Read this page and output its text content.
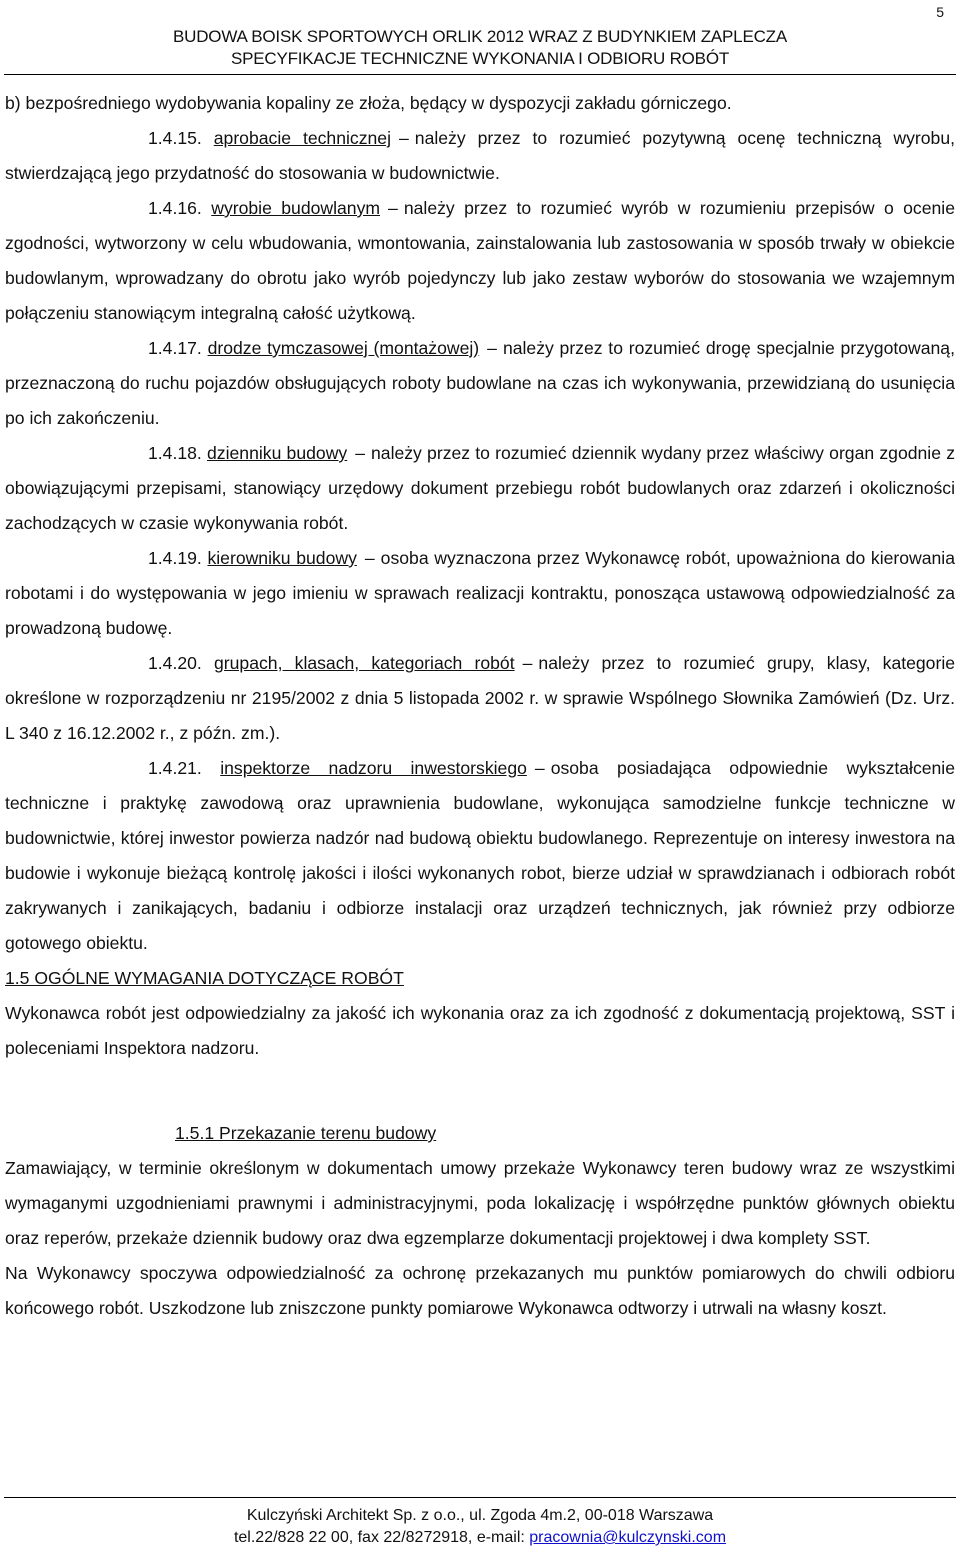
5
BUDOWA BOISK SPORTOWYCH ORLIK 2012 WRAZ Z BUDYNKIEM ZAPLECZA
SPECYFIKACJE TECHNICZNE WYKONANIA I ODBIORU ROBÓT

b) bezpośredniego wydobywania kopaliny ze złoża, będący w dyspozycji zakładu górniczego.

1.4.15. aprobacie technicznej – należy przez to rozumieć pozytywną ocenę techniczną wyrobu, stwierdzającą jego przydatność do stosowania w budownictwie.

1.4.16. wyrobie budowlanym – należy przez to rozumieć wyrób w rozumieniu przepisów o ocenie zgodności, wytworzony w celu wbudowania, wmontowania, zainstalowania lub zastosowania w sposób trwały w obiekcie budowlanym, wprowadzany do obrotu jako wyrób pojedynczy lub jako zestaw wyborów do stosowania we wzajemnym połączeniu stanowiącym integralną całość użytkową.

1.4.17. drodze tymczasowej (montażowej) – należy przez to rozumieć drogę specjalnie przygotowaną, przeznaczoną do ruchu pojazdów obsługujących roboty budowlane na czas ich wykonywania, przewidzianą do usunięcia po ich zakończeniu.

1.4.18. dzienniku budowy – należy przez to rozumieć dziennik wydany przez właściwy organ zgodnie z obowiązującymi przepisami, stanowiący urzędowy dokument przebiegu robót budowlanych oraz zdarzeń i okoliczności zachodzących w czasie wykonywania robót.

1.4.19. kierowniku budowy – osoba wyznaczona przez Wykonawcę robót, upoważniona do kierowania robotami i do występowania w jego imieniu w sprawach realizacji kontraktu, ponosząca ustawową odpowiedzialność za prowadzoną budowę.

1.4.20. grupach, klasach, kategoriach robót – należy przez to rozumieć grupy, klasy, kategorie określone w rozporządzeniu nr 2195/2002 z dnia 5 listopada 2002 r. w sprawie Wspólnego Słownika Zamówień (Dz. Urz. L 340 z 16.12.2002 r., z późn. zm.).

1.4.21. inspektorze nadzoru inwestorskiego – osoba posiadająca odpowiednie wykształcenie techniczne i praktykę zawodową oraz uprawnienia budowlane, wykonująca samodzielne funkcje techniczne w budownictwie, której inwestor powierza nadzór nad budową obiektu budowlanego. Reprezentuje on interesy inwestora na budowie i wykonuje bieżącą kontrolę jakości i ilości wykonanych robot, bierze udział w sprawdzianach i odbiorach robót zakrywanych i zanikających, badaniu i odbiorze instalacji oraz urządzeń technicznych, jak również przy odbiorze gotowego obiektu.

1.5 OGÓLNE WYMAGANIA DOTYCZĄCE ROBÓT

Wykonawca robót jest odpowiedzialny za jakość ich wykonania oraz za ich zgodność z dokumentacją projektową, SST i poleceniami Inspektora nadzoru.

1.5.1 Przekazanie terenu budowy

Zamawiający, w terminie określonym w dokumentach umowy przekaże Wykonawcy teren budowy wraz ze wszystkimi wymaganymi uzgodnieniami prawnymi i administracyjnymi, poda lokalizację i współrzędne punktów głównych obiektu oraz reperów, przekaże dziennik budowy oraz dwa egzemplarze dokumentacji projektowej i dwa komplety SST.

Na Wykonawcy spoczywa odpowiedzialność za ochronę przekazanych mu punktów pomiarowych do chwili odbioru końcowego robót. Uszkodzone lub zniszczone punkty pomiarowe Wykonawca odtworzy i utrwali na własny koszt.

Kulczyński Architekt Sp. z o.o., ul. Zgoda 4m.2, 00-018 Warszawa
tel.22/828 22 00, fax 22/8272918, e-mail: pracownia@kulczynski.com
